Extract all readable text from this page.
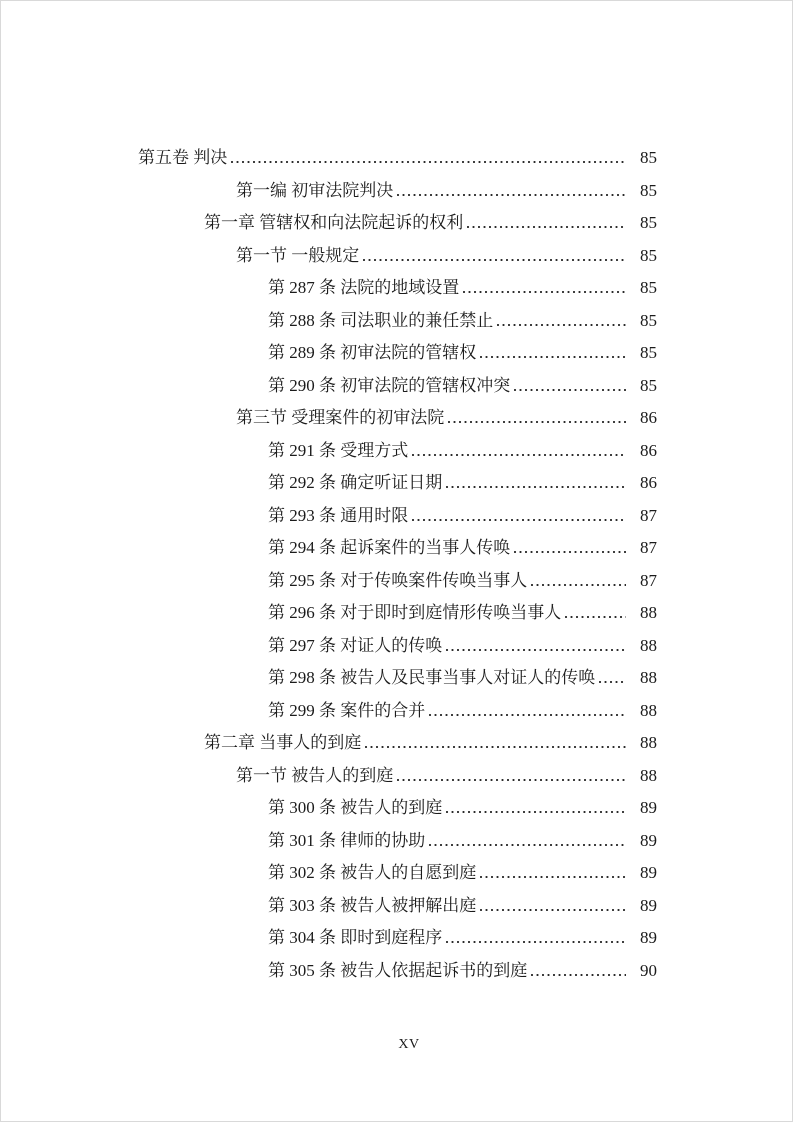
第五卷 判决	85
第一编 初审法院判决	85
第一章 管辖权和向法院起诉的权利	85
第一节 一般规定	85
第 287 条 法院的地域设置	85
第 288 条 司法职业的兼任禁止	85
第 289 条 初审法院的管辖权	85
第 290 条 初审法院的管辖权冲突	85
第三节 受理案件的初审法院	86
第 291 条 受理方式	86
第 292 条 确定听证日期	86
第 293 条 通用时限	87
第 294 条 起诉案件的当事人传唤	87
第 295 条 对于传唤案件传唤当事人	87
第 296 条 对于即时到庭情形传唤当事人	88
第 297 条 对证人的传唤	88
第 298 条 被告人及民事当事人对证人的传唤	88
第 299 条 案件的合并	88
第二章 当事人的到庭	88
第一节 被告人的到庭	88
第 300 条 被告人的到庭	89
第 301 条 律师的协助	89
第 302 条 被告人的自愿到庭	89
第 303 条 被告人被押解出庭	89
第 304 条 即时到庭程序	89
第 305 条 被告人依据起诉书的到庭	90
XV
